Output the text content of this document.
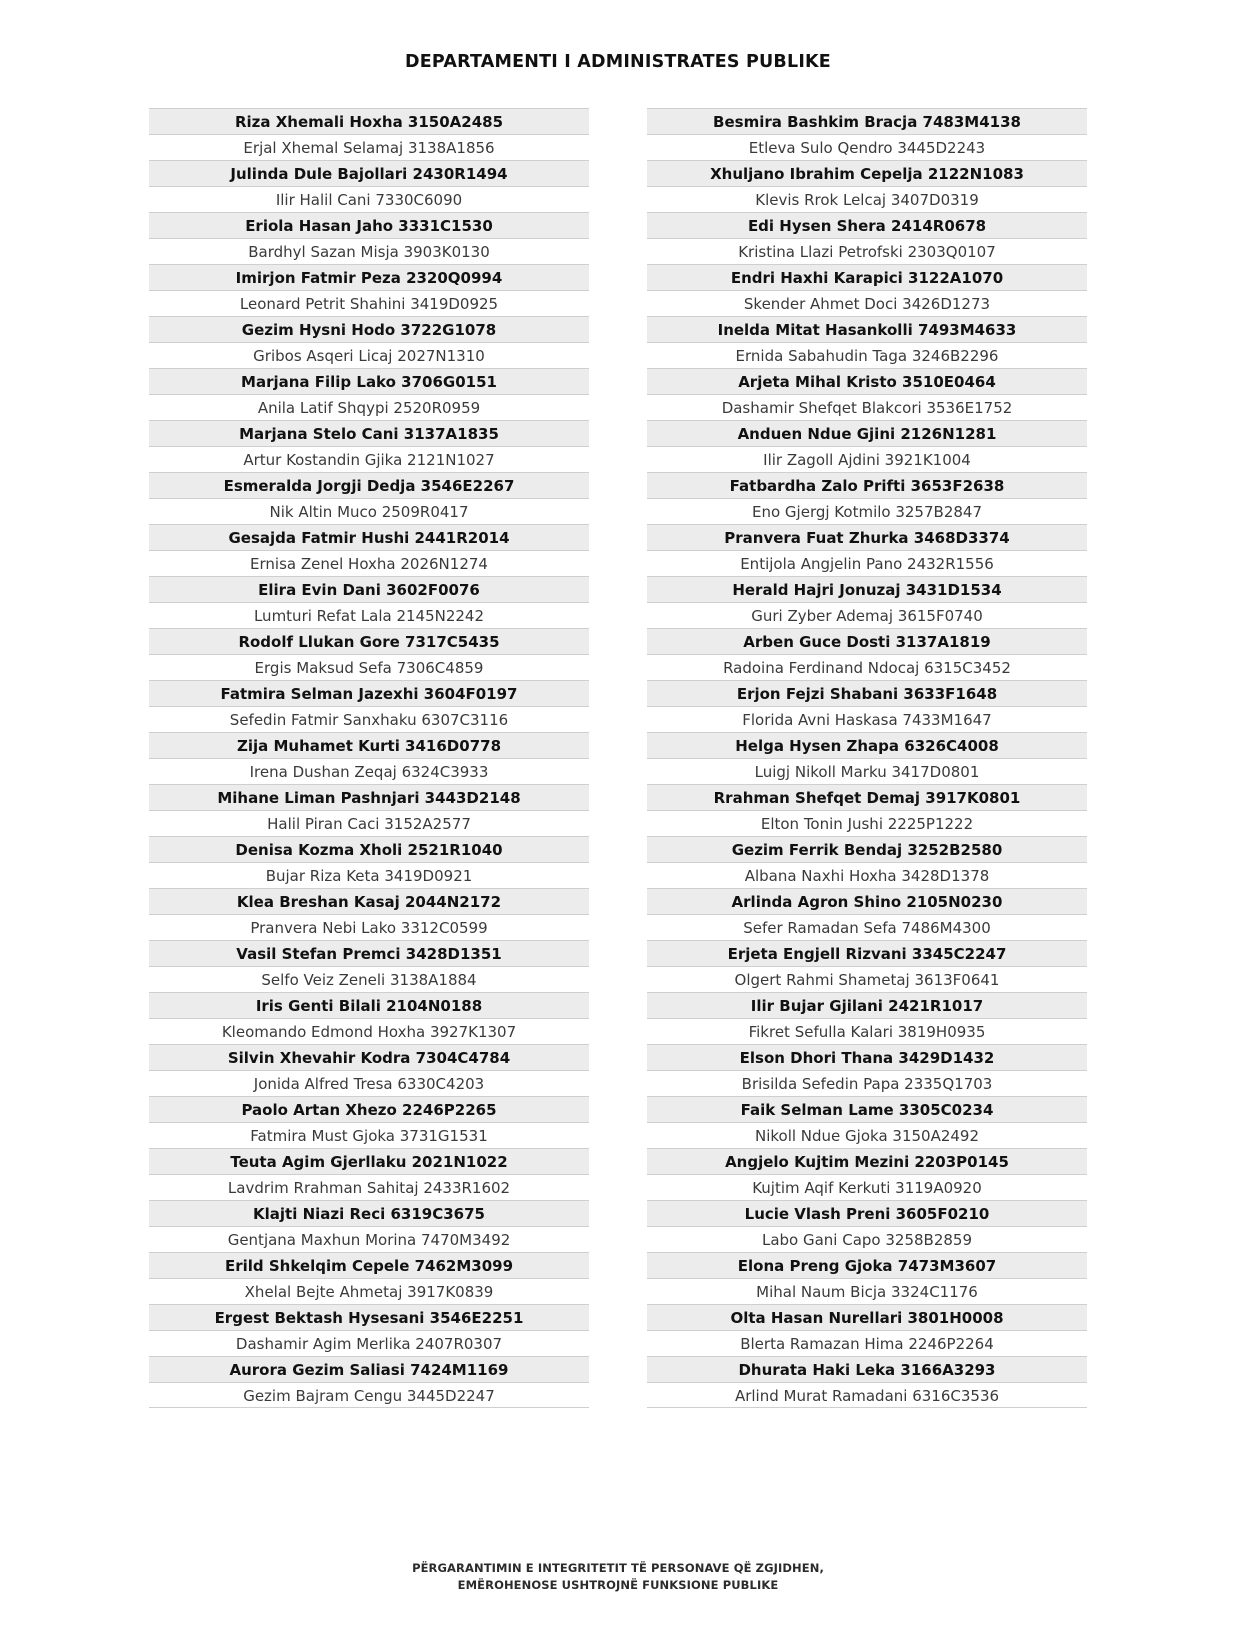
DEPARTAMENTI I ADMINISTRATES PUBLIKE
Riza Xhemali Hoxha 3150A2485
Erjal Xhemal Selamaj 3138A1856
Julinda Dule Bajollari 2430R1494
Ilir Halil Cani 7330C6090
Eriola Hasan Jaho 3331C1530
Bardhyl Sazan Misja 3903K0130
Imirjon Fatmir Peza 2320Q0994
Leonard Petrit Shahini 3419D0925
Gezim Hysni Hodo 3722G1078
Gribos Asqeri Licaj 2027N1310
Marjana Filip Lako 3706G0151
Anila Latif Shqypi 2520R0959
Marjana Stelo Cani 3137A1835
Artur Kostandin Gjika 2121N1027
Esmeralda Jorgji Dedja 3546E2267
Nik Altin Muco 2509R0417
Gesajda Fatmir Hushi 2441R2014
Ernisa Zenel Hoxha 2026N1274
Elira Evin Dani 3602F0076
Lumturi Refat Lala 2145N2242
Rodolf Llukan Gore 7317C5435
Ergis Maksud Sefa 7306C4859
Fatmira Selman Jazexhi 3604F0197
Sefedin Fatmir Sanxhaku 6307C3116
Zija Muhamet Kurti 3416D0778
Irena Dushan Zeqaj 6324C3933
Mihane Liman Pashnjari 3443D2148
Halil Piran Caci 3152A2577
Denisa Kozma Xholi 2521R1040
Bujar Riza Keta 3419D0921
Klea Breshan Kasaj 2044N2172
Pranvera Nebi Lako 3312C0599
Vasil Stefan Premci 3428D1351
Selfo Veiz Zeneli 3138A1884
Iris Genti Bilali 2104N0188
Kleomando Edmond Hoxha 3927K1307
Silvin Xhevahir Kodra 7304C4784
Jonida Alfred Tresa 6330C4203
Paolo Artan Xhezo 2246P2265
Fatmira Must Gjoka 3731G1531
Teuta Agim Gjerllaku 2021N1022
Lavdrim Rrahman Sahitaj 2433R1602
Klajti Niazi Reci 6319C3675
Gentjana Maxhun Morina 7470M3492
Erild Shkelqim Cepele 7462M3099
Xhelal Bejte Ahmetaj 3917K0839
Ergest Bektash Hysesani 3546E2251
Dashamir Agim Merlika 2407R0307
Aurora Gezim Saliasi 7424M1169
Gezim Bajram Cengu 3445D2247
Besmira Bashkim Bracja 7483M4138
Etleva Sulo Qendro 3445D2243
Xhuljano Ibrahim Cepelja 2122N1083
Klevis Rrok Lelcaj 3407D0319
Edi Hysen Shera 2414R0678
Kristina Llazi Petrofski 2303Q0107
Endri Haxhi Karapici 3122A1070
Skender Ahmet Doci 3426D1273
Inelda Mitat Hasankolli 7493M4633
Ernida Sabahudin Taga 3246B2296
Arjeta Mihal Kristo 3510E0464
Dashamir Shefqet Blakcori 3536E1752
Anduen Ndue Gjini 2126N1281
Ilir Zagoll Ajdini 3921K1004
Fatbardha Zalo Prifti 3653F2638
Eno Gjergj Kotmilo 3257B2847
Pranvera Fuat Zhurka 3468D3374
Entijola Angjelin Pano 2432R1556
Herald Hajri Jonuzaj 3431D1534
Guri Zyber Ademaj 3615F0740
Arben Guce Dosti 3137A1819
Radoina Ferdinand Ndocaj 6315C3452
Erjon Fejzi Shabani 3633F1648
Florida Avni Haskasa 7433M1647
Helga Hysen Zhapa 6326C4008
Luigj Nikoll Marku 3417D0801
Rrahman Shefqet Demaj 3917K0801
Elton Tonin Jushi 2225P1222
Gezim Ferrik Bendaj 3252B2580
Albana Naxhi Hoxha 3428D1378
Arlinda Agron Shino 2105N0230
Sefer Ramadan Sefa 7486M4300
Erjeta Engjell Rizvani 3345C2247
Olgert Rahmi Shametaj 3613F0641
Ilir Bujar Gjilani 2421R1017
Fikret Sefulla Kalari 3819H0935
Elson Dhori Thana 3429D1432
Brisilda Sefedin Papa 2335Q1703
Faik Selman Lame 3305C0234
Nikoll Ndue Gjoka 3150A2492
Angjelo Kujtim Mezini 2203P0145
Kujtim Aqif Kerkuti 3119A0920
Lucie Vlash Preni 3605F0210
Labo Gani Capo 3258B2859
Elona Preng Gjoka 7473M3607
Mihal Naum Bicja 3324C1176
Olta Hasan Nurellari 3801H0008
Blerta Ramazan Hima 2246P2264
Dhurata Haki Leka 3166A3293
Arlind Murat Ramadani 6316C3536
PËRGARANTIMIN E INTEGRITETIT TË PERSONAVE QË ZGJIDHEN,
EMËROHENOSE USHTROJNË FUNKSIONE PUBLIKE
